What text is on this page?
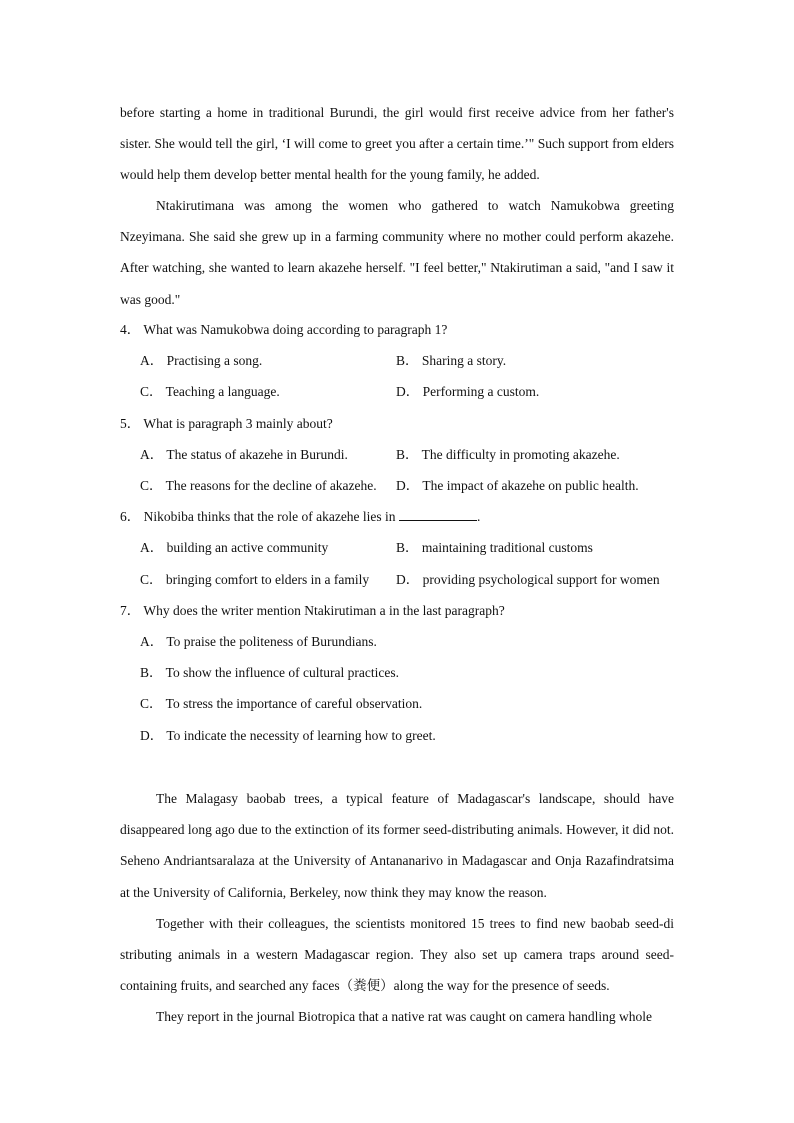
before starting a home in traditional Burundi, the girl would first receive advice from her father's sister. She would tell the girl, ‘I will come to greet you after a certain time.’" Such support from elders would help them develop better mental health for the young family, he added.

Ntakirutimana was among the women who gathered to watch Namukobwa greeting Nzeyimana. She said she grew up in a farming community where no mother could perform akazehe. After watching, she wanted to learn akazehe herself. "I feel better," Ntakirutiman a said, "and I saw it was good."

4． What was Namukobwa doing according to paragraph 1?
A． Practising a song.	B． Sharing a story.
C． Teaching a language.	D． Performing a custom.
5． What is paragraph 3 mainly about?
A． The status of akazehe in Burundi.	B． The difficulty in promoting akazehe.
C． The reasons for the decline of akazehe. D． The impact of akazehe on public health.
6． Nikobiba thinks that the role of akazehe lies in	.
A． building an active community	B． maintaining traditional customs
C． bringing comfort to elders in a family D． providing psychological support for women
7． Why does the writer mention Ntakirutiman a in the last paragraph?
A． To praise the politeness of Burundians.
B． To show the influence of cultural practices.
C． To stress the importance of careful observation.
D． To indicate the necessity of learning how to greet.

The Malagasy baobab trees, a typical feature of Madagascar's landscape, should have disappeared long ago due to the extinction of its former seed-distributing animals. However, it did not. Seheno Andriantsaralaza at the University of Antananarivo in Madagascar and Onja Razafindratsima at the University of California, Berkeley, now think they may know the reason.

Together with their colleagues, the scientists monitored 15 trees to find new baobab seed-di stributing animals in a western Madagascar region. They also set up camera traps around seed-containing fruits, and searched any faces（粪便）along the way for the presence of seeds.

They report in the journal Biotropica that a native rat was caught on camera handling whole
